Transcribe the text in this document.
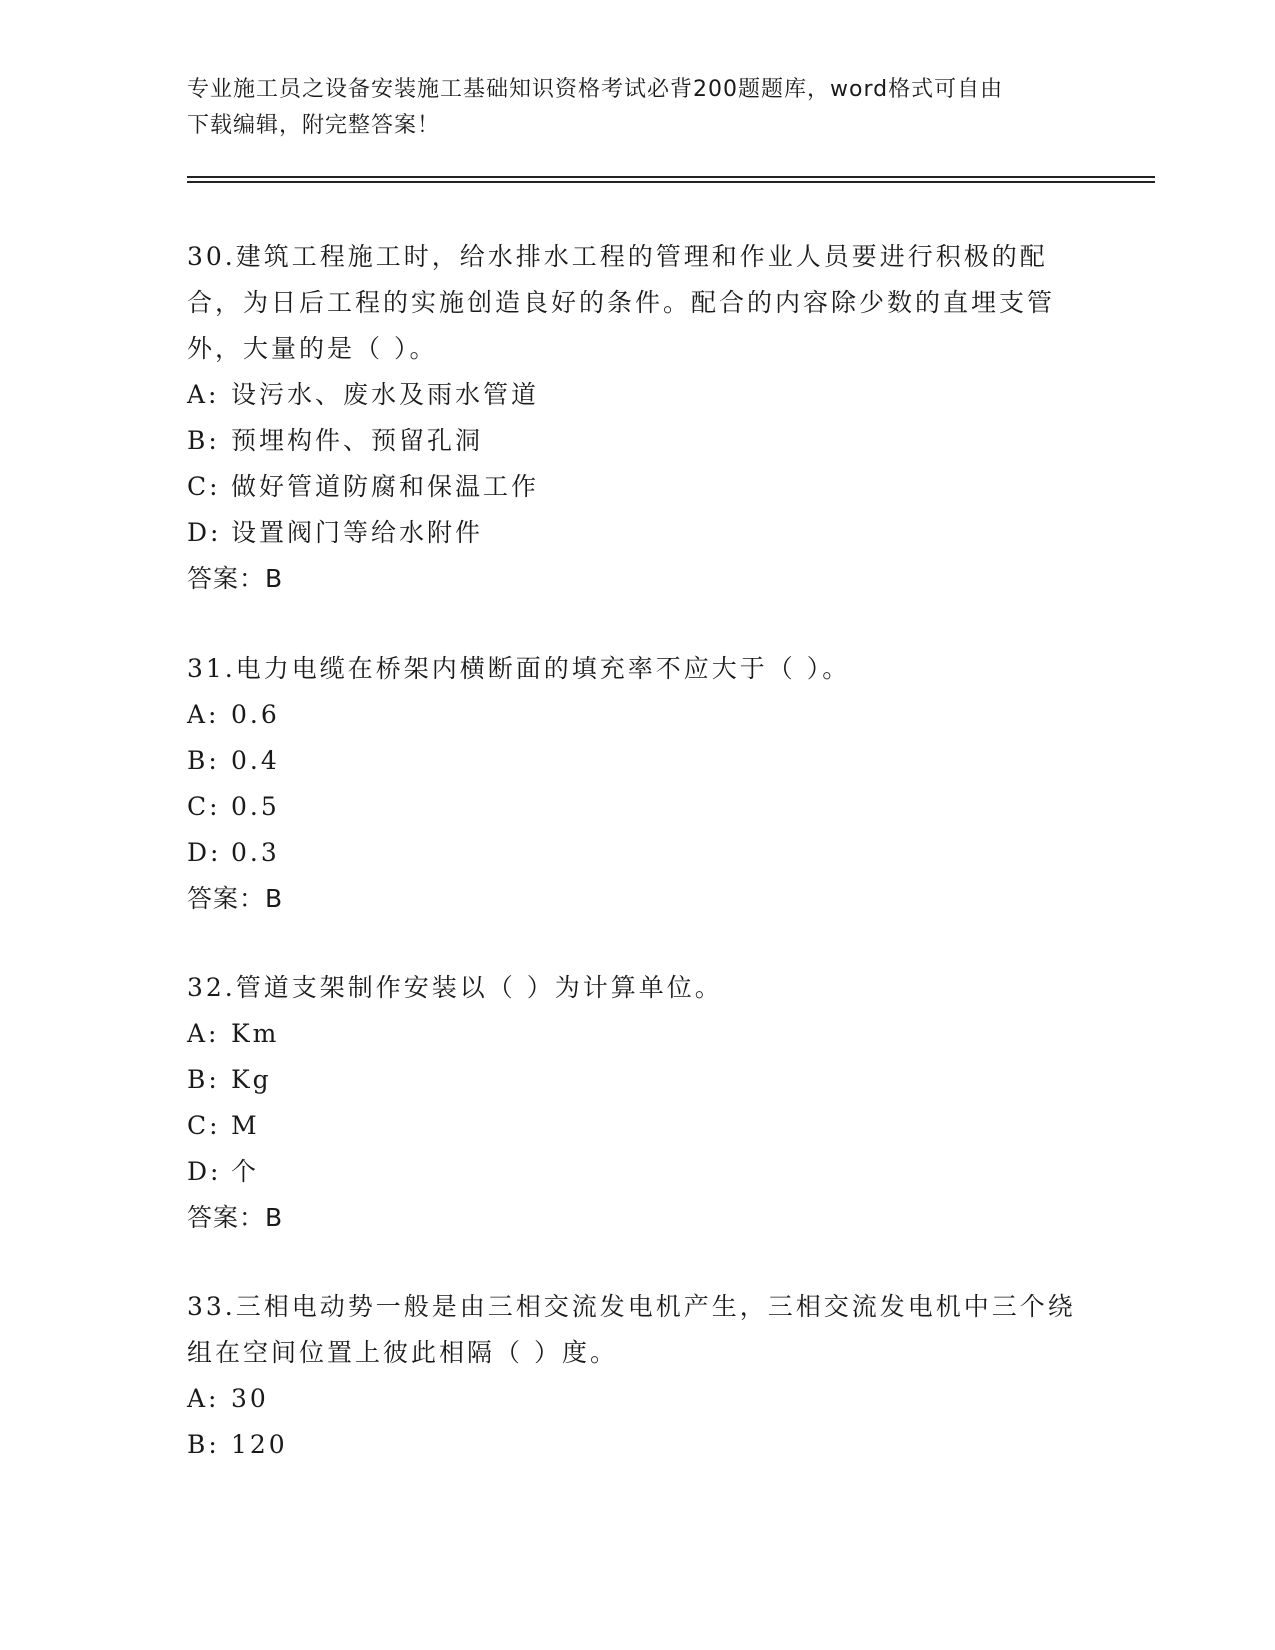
专业施工员之设备安装施工基础知识资格考试必背200题题库，word格式可自由
下载编辑，附完整答案！
30.建筑工程施工时，给水排水工程的管理和作业人员要进行积极的配合，为日后工程的实施创造良好的条件。配合的内容除少数的直埋支管外，大量的是（ ）。
A: 设污水、废水及雨水管道
B: 预埋构件、预留孔洞
C: 做好管道防腐和保温工作
D: 设置阀门等给水附件
答案：B
31.电力电缆在桥架内横断面的填充率不应大于（ ）。
A: 0.6
B: 0.4
C: 0.5
D: 0.3
答案：B
32.管道支架制作安装以（ ）为计算单位。
A: Km
B: Kg
C: M
D: 个
答案：B
33.三相电动势一般是由三相交流发电机产生，三相交流发电机中三个绕组在空间位置上彼此相隔（ ）度。
A: 30
B: 120
